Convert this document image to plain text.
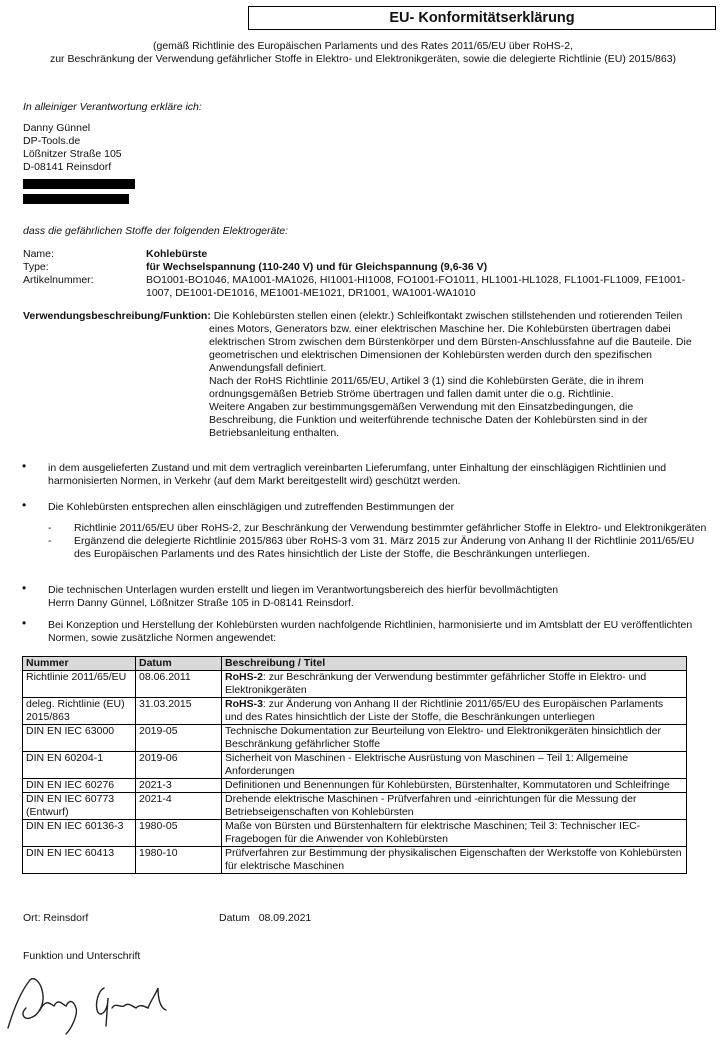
EU- Konformitätserklärung
(gemäß Richtlinie des Europäischen Parlaments und des Rates 2011/65/EU über RoHS-2,
zur Beschränkung der Verwendung gefährlicher Stoffe in Elektro- und Elektronikgeräten, sowie die delegierte Richtlinie (EU) 2015/863)
In alleiniger Verantwortung erkläre ich:
Danny Günnel
DP-Tools.de
Lößnitzer Straße 105
D-08141 Reinsdorf
dass die gefährlichen Stoffe der folgenden Elektrogeräte:
Name:	Kohlebürste
Type:	für Wechselspannung (110-240 V) und für Gleichspannung (9,6-36 V)
Artikelnummer:	BO1001-BO1046, MA1001-MA1026, HI1001-HI1008, FO1001-FO1011, HL1001-HL1028, FL1001-FL1009, FE1001-
1007, DE1001-DE1016, ME1001-ME1021, DR1001, WA1001-WA1010
Verwendungsbeschreibung/Funktion: Die Kohlebürsten stellen einen (elektr.) Schleifkontakt zwischen stillstehenden und rotierenden Teilen
eines Motors, Generators bzw. einer elektrischen Maschine her. Die Kohlebürsten übertragen dabei
elektrischen Strom zwischen dem Bürstenkörper und dem Bürsten-Anschlussfahne auf die Bauteile. Die
geometrischen und elektrischen Dimensionen der Kohlebürsten werden durch den spezifischen
Anwendungsfall definiert.
Nach der RoHS Richtlinie 2011/65/EU, Artikel 3 (1) sind die Kohlebürsten Geräte, die in ihrem
ordnungsgemäßen Betrieb Ströme übertragen und fallen damit unter die o.g. Richtlinie.
Weitere Angaben zur bestimmungsgemäßen Verwendung mit den Einsatzbedingungen, die
Beschreibung, die Funktion und weiterführende technische Daten der Kohlebürsten sind in der
Betriebsanleitung enthalten.
• in dem ausgelieferten Zustand und mit dem vertraglich vereinbarten Lieferumfang, unter Einhaltung der einschlägigen Richtlinien und
harmonisierten Normen, in Verkehr (auf dem Markt bereitgestellt wird) geschützt werden.
• Die Kohlebürsten entsprechen allen einschlägigen und zutreffenden Bestimmungen der
- Richtlinie 2011/65/EU über RoHS-2, zur Beschränkung der Verwendung bestimmter gefährlicher Stoffe in Elektro- und Elektronikgeräten
- Ergänzend die delegierte Richtlinie 2015/863 über RoHS-3 vom 31. März 2015 zur Änderung von Anhang II der Richtlinie 2011/65/EU
des Europäischen Parlaments und des Rates hinsichtlich der Liste der Stoffe, die Beschränkungen unterliegen.
• Die technischen Unterlagen wurden erstellt und liegen im Verantwortungsbereich des hierfür bevollmächtigten
Herrn Danny Günnel, Lößnitzer Straße 105 in D-08141 Reinsdorf.
• Bei Konzeption und Herstellung der Kohlebürsten wurden nachfolgende Richtlinien, harmonisierte und im Amtsblatt der EU veröffentlichten
Normen, sowie zusätzliche Normen angewendet:
Nummer	Datum	Beschreibung / Titel
Richtlinie 2011/65/EU	08.06.2011	RoHS-2: zur Beschränkung der Verwendung bestimmter gefährlicher Stoffe in Elektro- und Elektronikgeräten
deleg. Richtlinie (EU) 2015/863	31.03.2015	RoHS-3: zur Änderung von Anhang II der Richtlinie 2011/65/EU des Europäischen Parlaments und des Rates hinsichtlich der Liste der Stoffe, die Beschränkungen unterliegen
DIN EN IEC 63000	2019-05	Technische Dokumentation zur Beurteilung von Elektro- und Elektronikgeräten hinsichtlich der Beschränkung gefährlicher Stoffe
DIN EN 60204-1	2019-06	Sicherheit von Maschinen - Elektrische Ausrüstung von Maschinen – Teil 1: Allgemeine Anforderungen
DIN EN IEC 60276	2021-3	Definitionen und Benennungen für Kohlebürsten, Bürstenhalter, Kommutatoren und Schleifringe
DIN EN IEC 60773 (Entwurf)	2021-4	Drehende elektrische Maschinen - Prüfverfahren und -einrichtungen für die Messung der Betriebseigenschaften von Kohlebürsten
DIN EN IEC 60136-3	1980-05	Maße von Bürsten und Bürstenhaltern für elektrische Maschinen; Teil 3: Technischer IEC-Fragebogen für die Anwender von Kohlebürsten
DIN EN IEC 60413	1980-10	Prüfverfahren zur Bestimmung der physikalischen Eigenschaften der Werkstoffe von Kohlebürsten für elektrische Maschinen
Ort: Reinsdorf	Datum 08.09.2021
Funktion und Unterschrift
